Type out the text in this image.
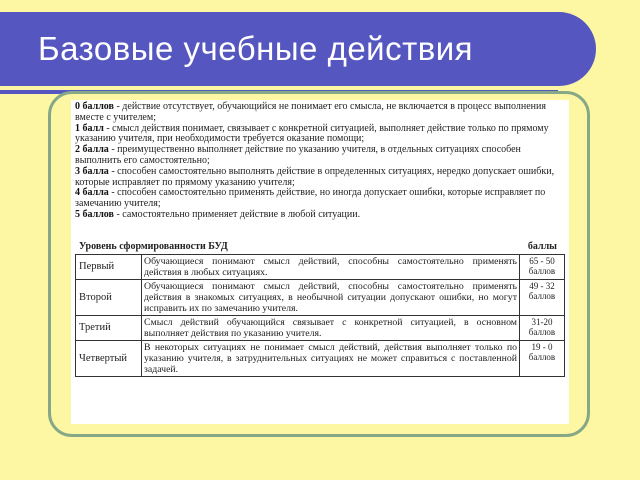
Базовые учебные действия

0 баллов - действие отсутствует, обучающийся не понимает его смысла, не включается в процесс выполнения вместе с учителем;

1 балл - смысл действия понимает, связывает с конкретной ситуацией, выполняет действие только по прямому указанию учителя, при необходимости требуется оказание помощи;

2 балла - преимущественно выполняет действие по указанию учителя, в отдельных ситуациях способен выполнить его самостоятельно;

3 балла - способен самостоятельно выполнять действие в определенных ситуациях, нередко допускает ошибки, которые исправляет по прямому указанию учителя;

4 балла - способен самостоятельно применять действие, но иногда допускает ошибки, которые исправляет по замечанию учителя;

5 баллов - самостоятельно применяет действие в любой ситуации.

Уровень сформированности БУД	баллы
Первый	Обучающиеся понимают смысл действий, способны самостоятельно применять действия в любых ситуациях.	65 - 50
баллов

Второй	Обучающиеся понимают смысл действий, способны самостоятельно применять действия в знакомых ситуациях, в необычной ситуации допускают ошибки, но могут исправить их по замечанию учителя.	49 - 32
баллов

Третий	Смысл действий обучающийся связывает с конкретной ситуацией, в основном выполняет действия по указанию учителя.	31-20
баллов

Четвертый	В некоторых ситуациях не понимает смысл действий, действия выполняет только по указанию учителя, в затруднительных ситуациях не может справиться с поставленной задачей.	19 - 0
баллов
